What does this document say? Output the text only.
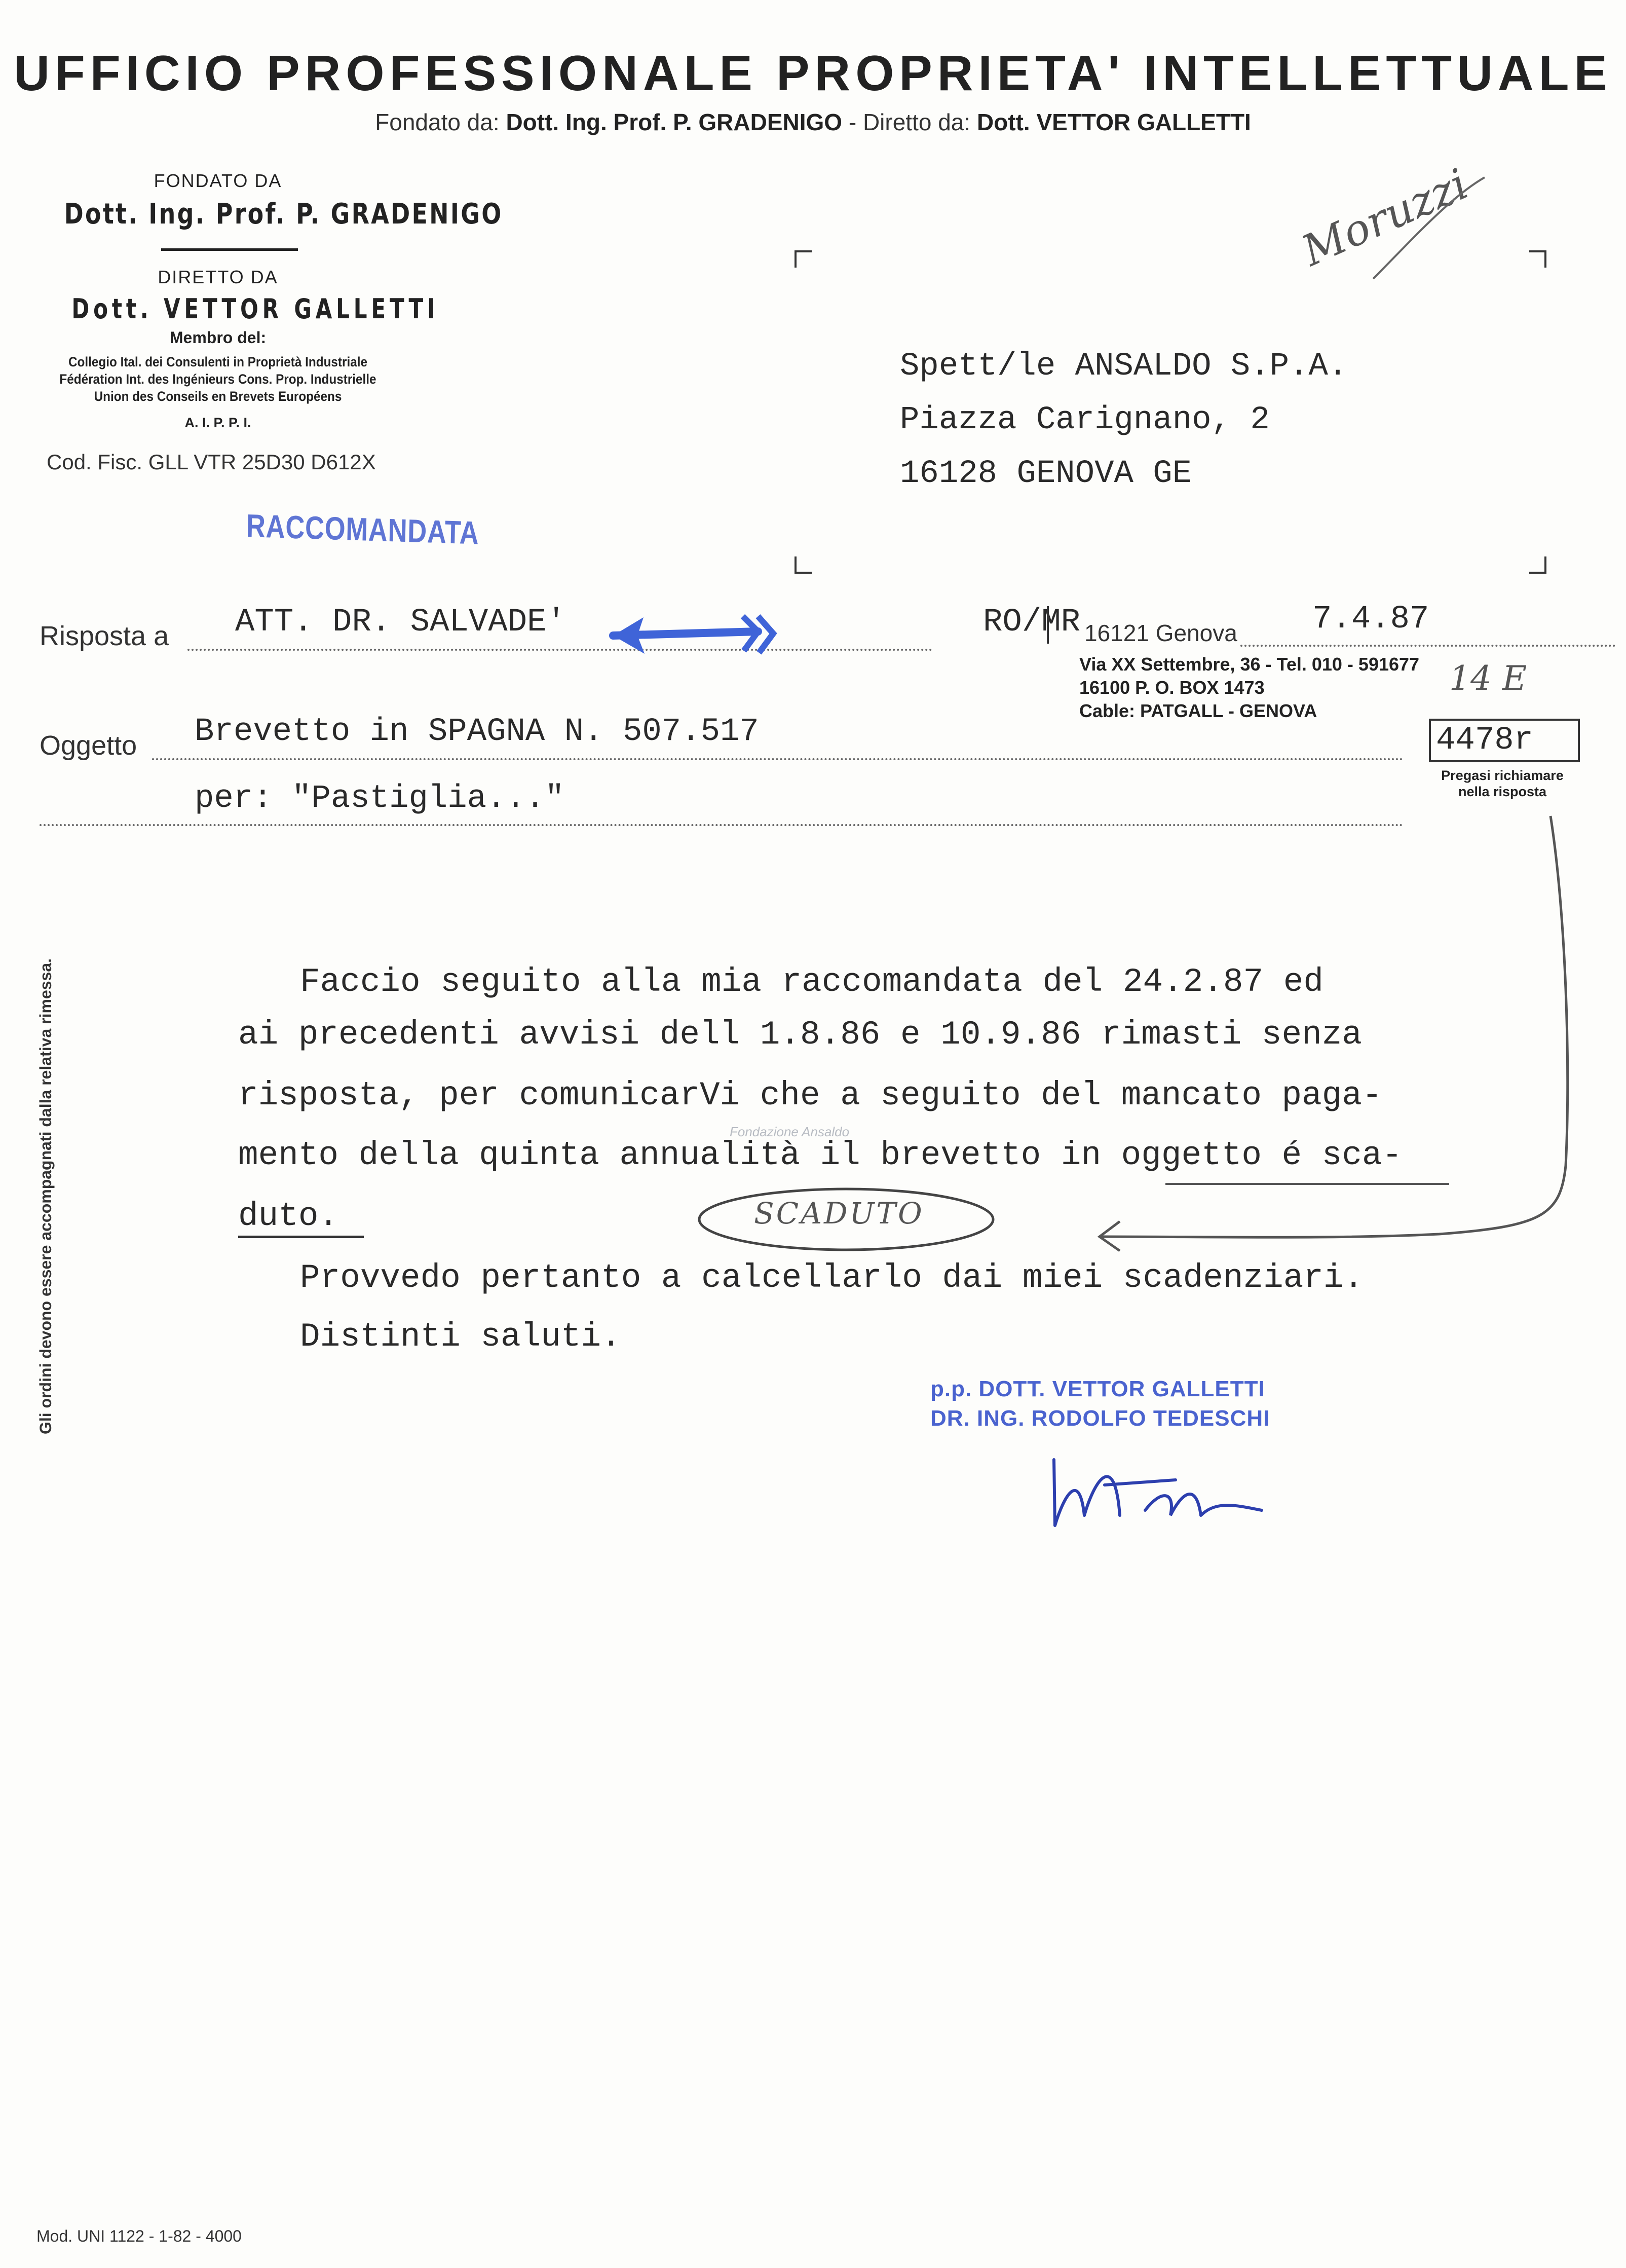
UFFICIO PROFESSIONALE PROPRIETA' INTELLETTUALE
Fondato da: Dott. Ing. Prof. P. GRADENIGO - Diretto da: Dott. VETTOR GALLETTI
FONDATO DA
Dott. Ing. Prof. P. GRADENIGO
DIRETTO DA
Dott. VETTOR GALLETTI
Membro del:
Collegio Ital. dei Consulenti in Proprietà Industriale
Fédération Int. des Ingénieurs Cons. Prop. Industrielle
Union des Conseils en Brevets Européens
A. I. P. P. I.
Cod. Fisc. GLL VTR 25D30 D612X
RACCOMANDATA
Spett/le ANSALDO S.P.A.
Piazza Carignano, 2
16128 GENOVA GE
Moruzzi
14 E
Risposta a ATT. DR. SALVADE'	RO/MR 16121 Genova 7.4.87
Via XX Settembre, 36 - Tel. 010 - 591677
16100 P. O. BOX 1473
Cable: PATGALL - GENOVA
4478r
Pregasi richiamare
nella risposta
Oggetto Brevetto in SPAGNA N. 507.517
per: "Pastiglia..."
Gli ordini devono essere accompagnati dalla relativa rimessa.	Faccio seguito alla mia raccomandata del 24.2.87 ed
ai precedenti avvisi dell 1.8.86 e 10.9.86 rimasti senza
risposta, per comunicarVi che a seguito del mancato paga-
mento della quinta annualità il brevetto in oggetto é sca-
duto.
Provvedo pertanto a calcellarlo dai miei scadenziari.
Distinti saluti.
SCADUTO
p.p. DOTT. VETTOR GALLETTI
DR. ING. RODOLFO TEDESCHI
Fondazione Ansaldo
Mod. UNI 1122 - 1-82 - 4000
